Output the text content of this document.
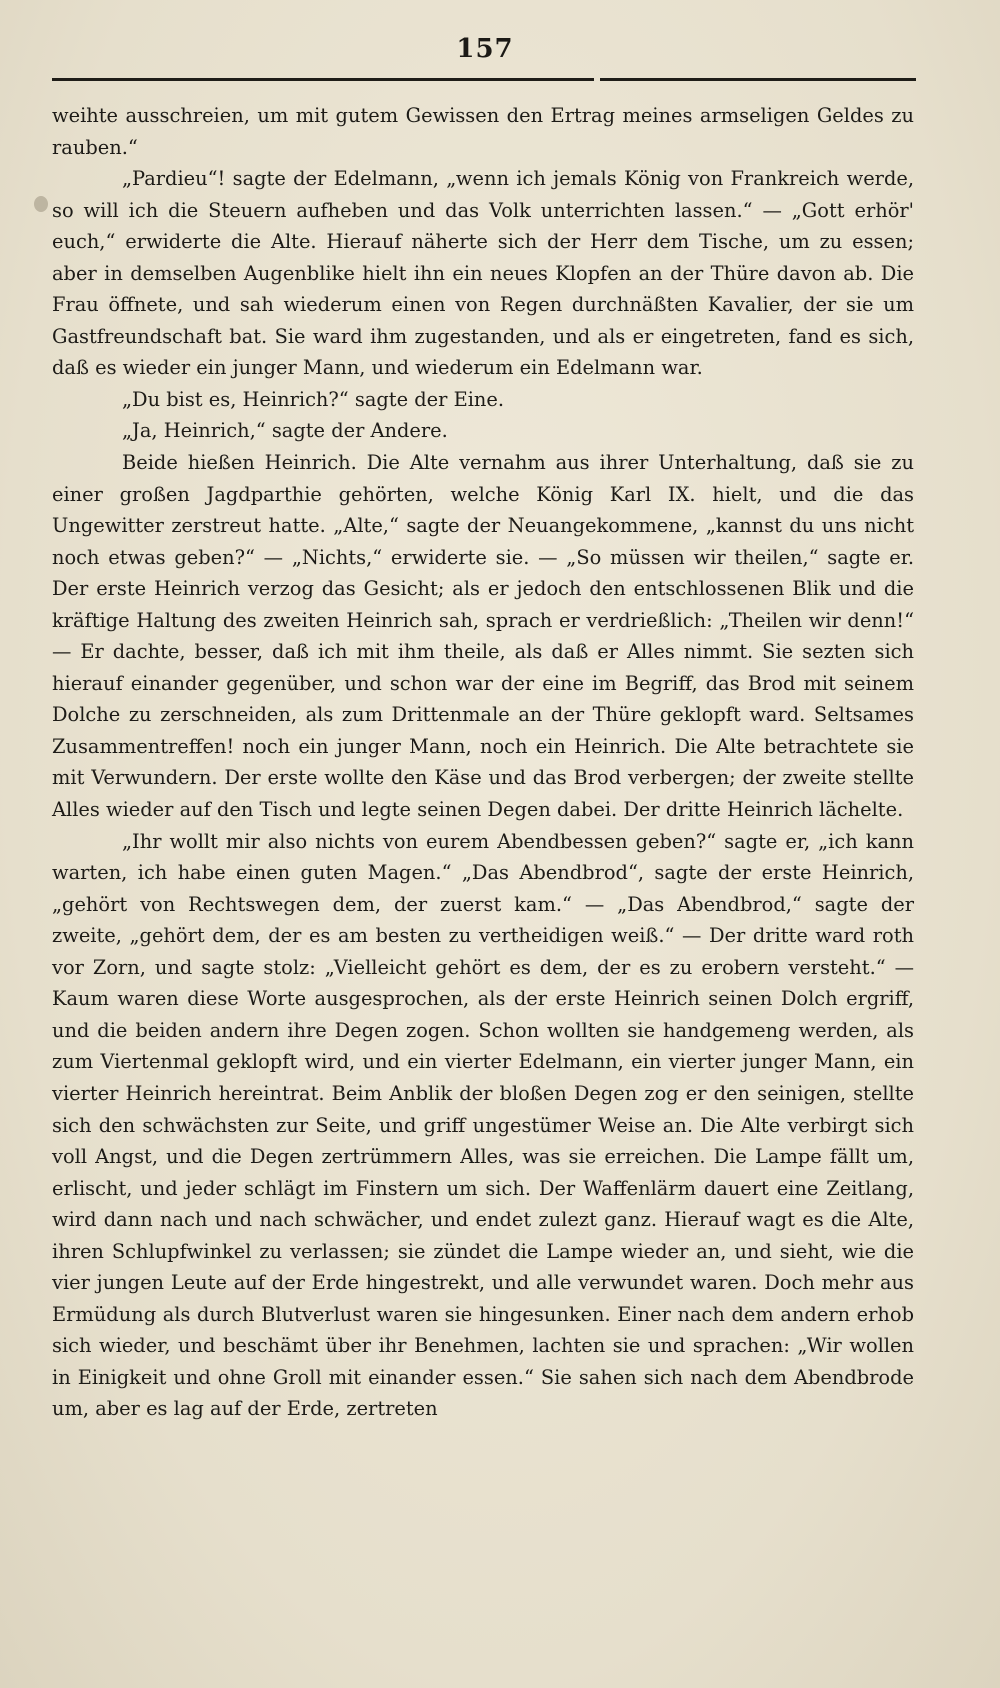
157

weihte ausschreien, um mit gutem Gewissen den Ertrag meines armseligen Geldes zu rauben.“

„Pardieu“! sagte der Edelmann, „wenn ich jemals König von Frankreich werde, so will ich die Steuern aufheben und das Volk unterrichten lassen.“ — „Gott erhör' euch,“ erwiderte die Alte. Hierauf näherte sich der Herr dem Tische, um zu essen; aber in demselben Augenblike hielt ihn ein neues Klopfen an der Thüre davon ab. Die Frau öffnete, und sah wiederum einen von Regen durchnäßten Kavalier, der sie um Gastfreundschaft bat. Sie ward ihm zugestanden, und als er eingetreten, fand es sich, daß es wieder ein junger Mann, und wiederum ein Edelmann war.

„Du bist es, Heinrich?“ sagte der Eine.

„Ja, Heinrich,“ sagte der Andere.

Beide hießen Heinrich. Die Alte vernahm aus ihrer Unterhaltung, daß sie zu einer großen Jagdparthie gehörten, welche König Karl IX. hielt, und die das Ungewitter zerstreut hatte. „Alte,“ sagte der Neuangekommene, „kannst du uns nicht noch etwas geben?“ — „Nichts,“ erwiderte sie. — „So müssen wir theilen,“ sagte er. Der erste Heinrich verzog das Gesicht; als er jedoch den entschlossenen Blik und die kräftige Haltung des zweiten Heinrich sah, sprach er verdrießlich: „Theilen wir denn!“ — Er dachte, besser, daß ich mit ihm theile, als daß er Alles nimmt. Sie sezten sich hierauf einander gegenüber, und schon war der eine im Begriff, das Brod mit seinem Dolche zu zerschneiden, als zum Drittenmale an der Thüre geklopft ward. Seltsames Zusammentreffen! noch ein junger Mann, noch ein Heinrich. Die Alte betrachtete sie mit Verwundern. Der erste wollte den Käse und das Brod verbergen; der zweite stellte Alles wieder auf den Tisch und legte seinen Degen dabei. Der dritte Heinrich lächelte.

„Ihr wollt mir also nichts von eurem Abendbessen geben?“ sagte er, „ich kann warten, ich habe einen guten Magen.“ „Das Abendbrod“, sagte der erste Heinrich, „gehört von Rechtswegen dem, der zuerst kam.“ — „Das Abendbrod,“ sagte der zweite, „gehört dem, der es am besten zu vertheidigen weiß.“ — Der dritte ward roth vor Zorn, und sagte stolz: „Vielleicht gehört es dem, der es zu erobern versteht.“ — Kaum waren diese Worte ausgesprochen, als der erste Heinrich seinen Dolch ergriff, und die beiden andern ihre Degen zogen. Schon wollten sie handgemeng werden, als zum Viertenmal geklopft wird, und ein vierter Edelmann, ein vierter junger Mann, ein vierter Heinrich hereintrat. Beim Anblik der bloßen Degen zog er den seinigen, stellte sich den schwächsten zur Seite, und griff ungestümer Weise an. Die Alte verbirgt sich voll Angst, und die Degen zertrümmern Alles, was sie erreichen. Die Lampe fällt um, erlischt, und jeder schlägt im Finstern um sich. Der Waffenlärm dauert eine Zeitlang, wird dann nach und nach schwächer, und endet zulezt ganz. Hierauf wagt es die Alte, ihren Schlupfwinkel zu verlassen; sie zündet die Lampe wieder an, und sieht, wie die vier jungen Leute auf der Erde hingestrekt, und alle verwundet waren. Doch mehr aus Ermüdung als durch Blutverlust waren sie hingesunken. Einer nach dem andern erhob sich wieder, und beschämt über ihr Benehmen, lachten sie und sprachen: „Wir wollen in Einigkeit und ohne Groll mit einander essen.“ Sie sahen sich nach dem Abendbrode um, aber es lag auf der Erde, zertreten
